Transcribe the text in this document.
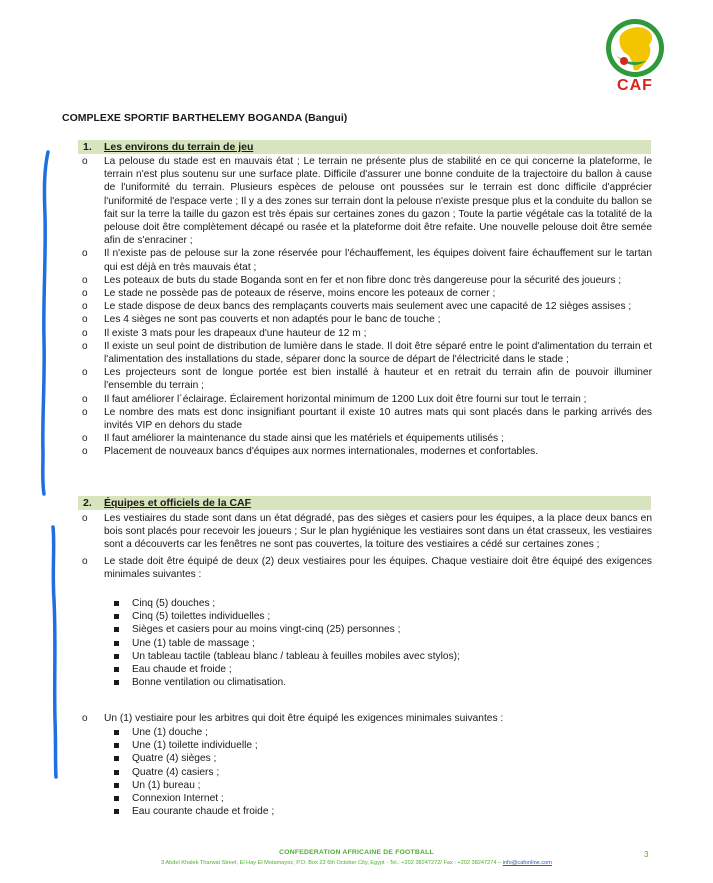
CAF
COMPLEXE SPORTIF BARTHELEMY BOGANDA (Bangui)
1. Les environs du terrain de jeu
o La pelouse du stade est en mauvais état ; Le terrain ne présente plus de stabilité en ce qui concerne la plateforme, le terrain n'est plus soutenu sur une surface plate. Difficile d'assurer une bonne conduite de la trajectoire du ballon à cause de l'uniformité du terrain. Plusieurs espèces de pelouse ont poussées sur le terrain est donc difficile d'apprécier l'uniformité de l'espace verte ; Il y a des zones sur terrain dont la pelouse n'existe presque plus et la conduite du ballon se fait sur la terre la taille du gazon est très épais sur certaines zones du gazon ; Toute la partie végétale cas la totalité de la pelouse doit être complètement décapé ou rasée et la plateforme doit être refaite. Une nouvelle pelouse doit être semée afin de s'enraciner ;
o Il n'existe pas de pelouse sur la zone réservée pour l'échauffement, les équipes doivent faire échauffement sur le tartan qui est déjà en très mauvais état ;
o Les poteaux de buts du stade Boganda sont en fer et non fibre donc très dangereuse pour la sécurité des joueurs ;
o Le stade ne possède pas de poteaux de réserve, moins encore les poteaux de corner ;
o Le stade dispose de deux bancs des remplaçants couverts mais seulement avec une capacité de 12 sièges assises ;
o Les 4 sièges ne sont pas couverts et non adaptés pour le banc de touche ;
o Il existe 3 mats pour les drapeaux d'une hauteur de 12 m ;
o Il existe un seul point de distribution de lumière dans le stade. Il doit être séparé entre le point d'alimentation du terrain et l'alimentation des installations du stade, séparer donc la source de départ de l'électricité dans le stade ;
o Les projecteurs sont de longue portée est bien installé à hauteur et en retrait du terrain afin de pouvoir illuminer l'ensemble du terrain ;
o Il faut améliorer l´éclairage. Éclairement horizontal minimum de 1200 Lux doit être fourni sur tout le terrain ;
o Le nombre des mats est donc insignifiant pourtant il existe 10 autres mats qui sont placés dans le parking arrivés des invités VIP en dehors du stade
o Il faut améliorer la maintenance du stade ainsi que les matériels et équipements utilisés ;
o Placement de nouveaux bancs d'équipes aux normes internationales, modernes et confortables.
2. Équipes et officiels de la CAF
o Les vestiaires du stade sont dans un état dégradé, pas des sièges et casiers pour les équipes, a la place deux bancs en bois sont placés pour recevoir les joueurs ; Sur le plan hygiénique les vestiaires sont dans un état crasseux, les vestiaires sont a découverts car les fenêtres ne sont pas couvertes, la toiture des vestiaires a cédé sur certaines zones ;
o Le stade doit être équipé de deux (2) deux vestiaires pour les équipes. Chaque vestiaire doit être équipé des exigences minimales suivantes :
Cinq (5) douches ;
Cinq (5) toilettes individuelles ;
Sièges et casiers pour au moins vingt-cinq (25) personnes ;
Une (1) table de massage ;
Un tableau tactile (tableau blanc / tableau à feuilles mobiles avec stylos);
Eau chaude et froide ;
Bonne ventilation ou climatisation.
o Un (1) vestiaire pour les arbitres qui doit être équipé les exigences minimales suivantes :
Une (1) douche ;
Une (1) toilette individuelle ;
Quatre (4) sièges ;
Quatre (4) casiers ;
Un (1) bureau ;
Connexion Internet ;
Eau courante chaude et froide ;
CONFEDERATION AFRICAINE DE FOOTBALL
3 Abdel Khalek Tharwat Street, El Hay El Motamayez, P.O. Box 23 6th October City, Egypt - Tel.: +202 38247272/ Fax : +202 38247274 – info@cafonline.com
3
